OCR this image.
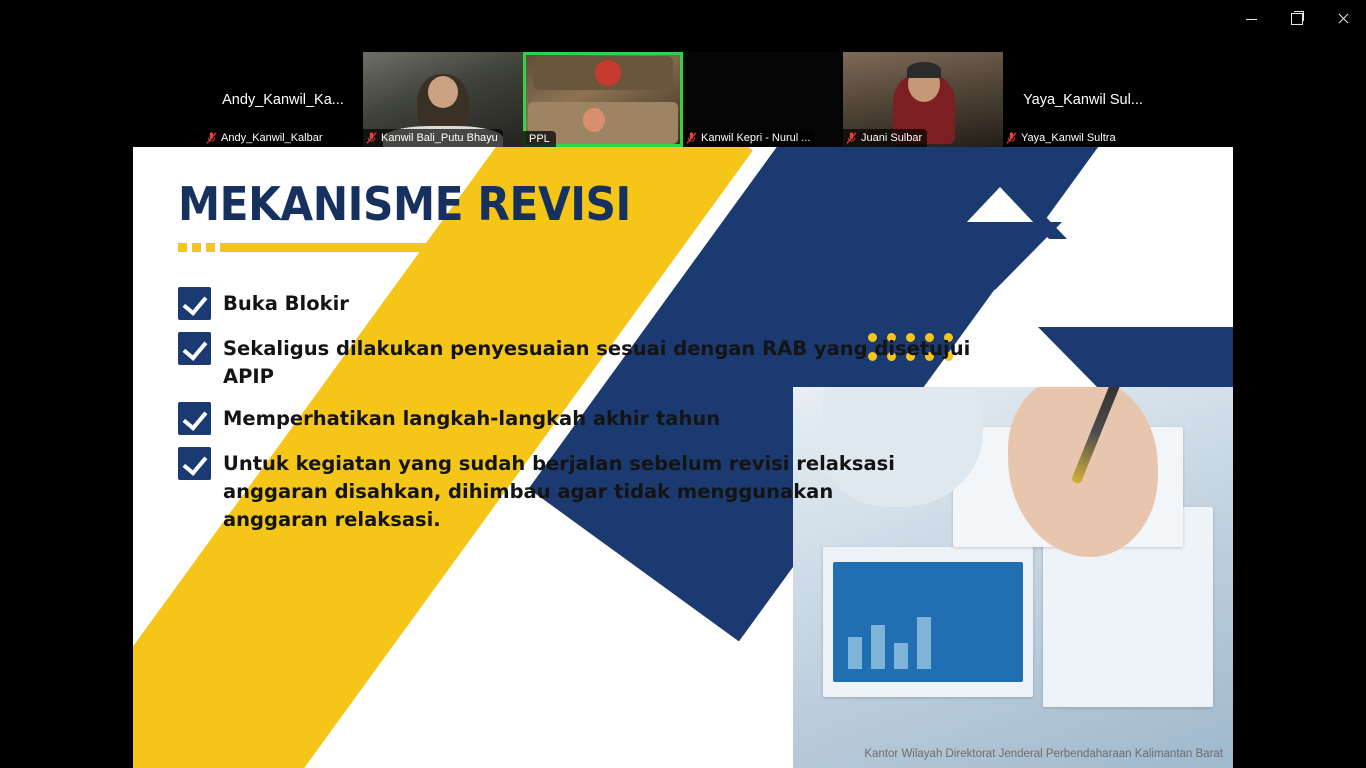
Andy_Kanwil_Ka...
Andy_Kanwil_Kalbar	Kanwil Bali_Putu Bhayu	PPL	Kanwil Kepri - Nurul ...	Juani Sulbar
Yaya_Kanwil Sul...
Yaya_Kanwil Sultra
MEKANISME REVISI
Buka Blokir
Sekaligus dilakukan penyesuaian sesuai dengan RAB yang disetujui APIP
Memperhatikan langkah-langkah akhir tahun
Untuk kegiatan yang sudah berjalan sebelum revisi relaksasi anggaran disahkan, dihimbau agar tidak menggunakan anggaran relaksasi.
Kantor Wilayah Direktorat Jenderal Perbendaharaan Kalimantan Barat
